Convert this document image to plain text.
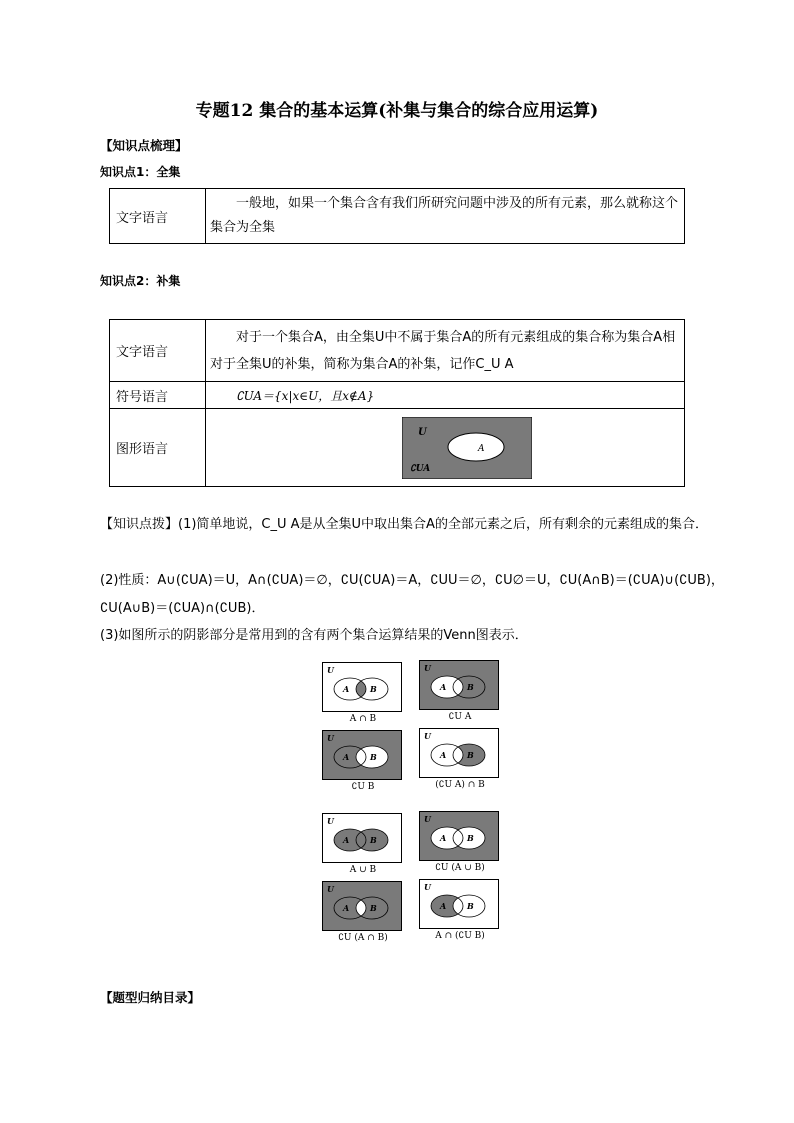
专题12 集合的基本运算(补集与集合的综合应用运算)
【知识点梳理】
知识点1：全集
文字语言	一般地，如果一个集合含有我们所研究问题中涉及的所有元素，那么就称这个集合为全集
知识点2：补集
文字语言	对于一个集合A，由全集U中不属于集合A的所有元素组成的集合称为集合A相对于全集U的补集，简称为集合A的补集，记作C_U A
符号语言	∁UA＝{x|x∈U，且x∉A}
图形语言	U
A
∁UA
【知识点拨】(1)简单地说，C_U A是从全集U中取出集合A的全部元素之后，所有剩余的元素组成的集合．
(2)性质：A∪(∁UA)＝U，A∩(∁UA)＝∅，∁U(∁UA)＝A，∁UU＝∅，∁U∅＝U，∁U(A∩B)＝(∁UA)∪(∁UB)，
∁U(A∪B)＝(∁UA)∩(∁UB)．
(3)如图所示的阴影部分是常用到的含有两个集合运算结果的Venn图表示．
U
A	B
A ∩ B
U
A	B
∁U A
U
A	B
∁U B
U
A	B
(∁U A) ∩ B
U
A	B
A ∪ B
U
A	B
∁U (A ∪ B)
U
A	B
∁U (A ∩ B)
U
A	B
A ∩ (∁U B)
【题型归纳目录】
